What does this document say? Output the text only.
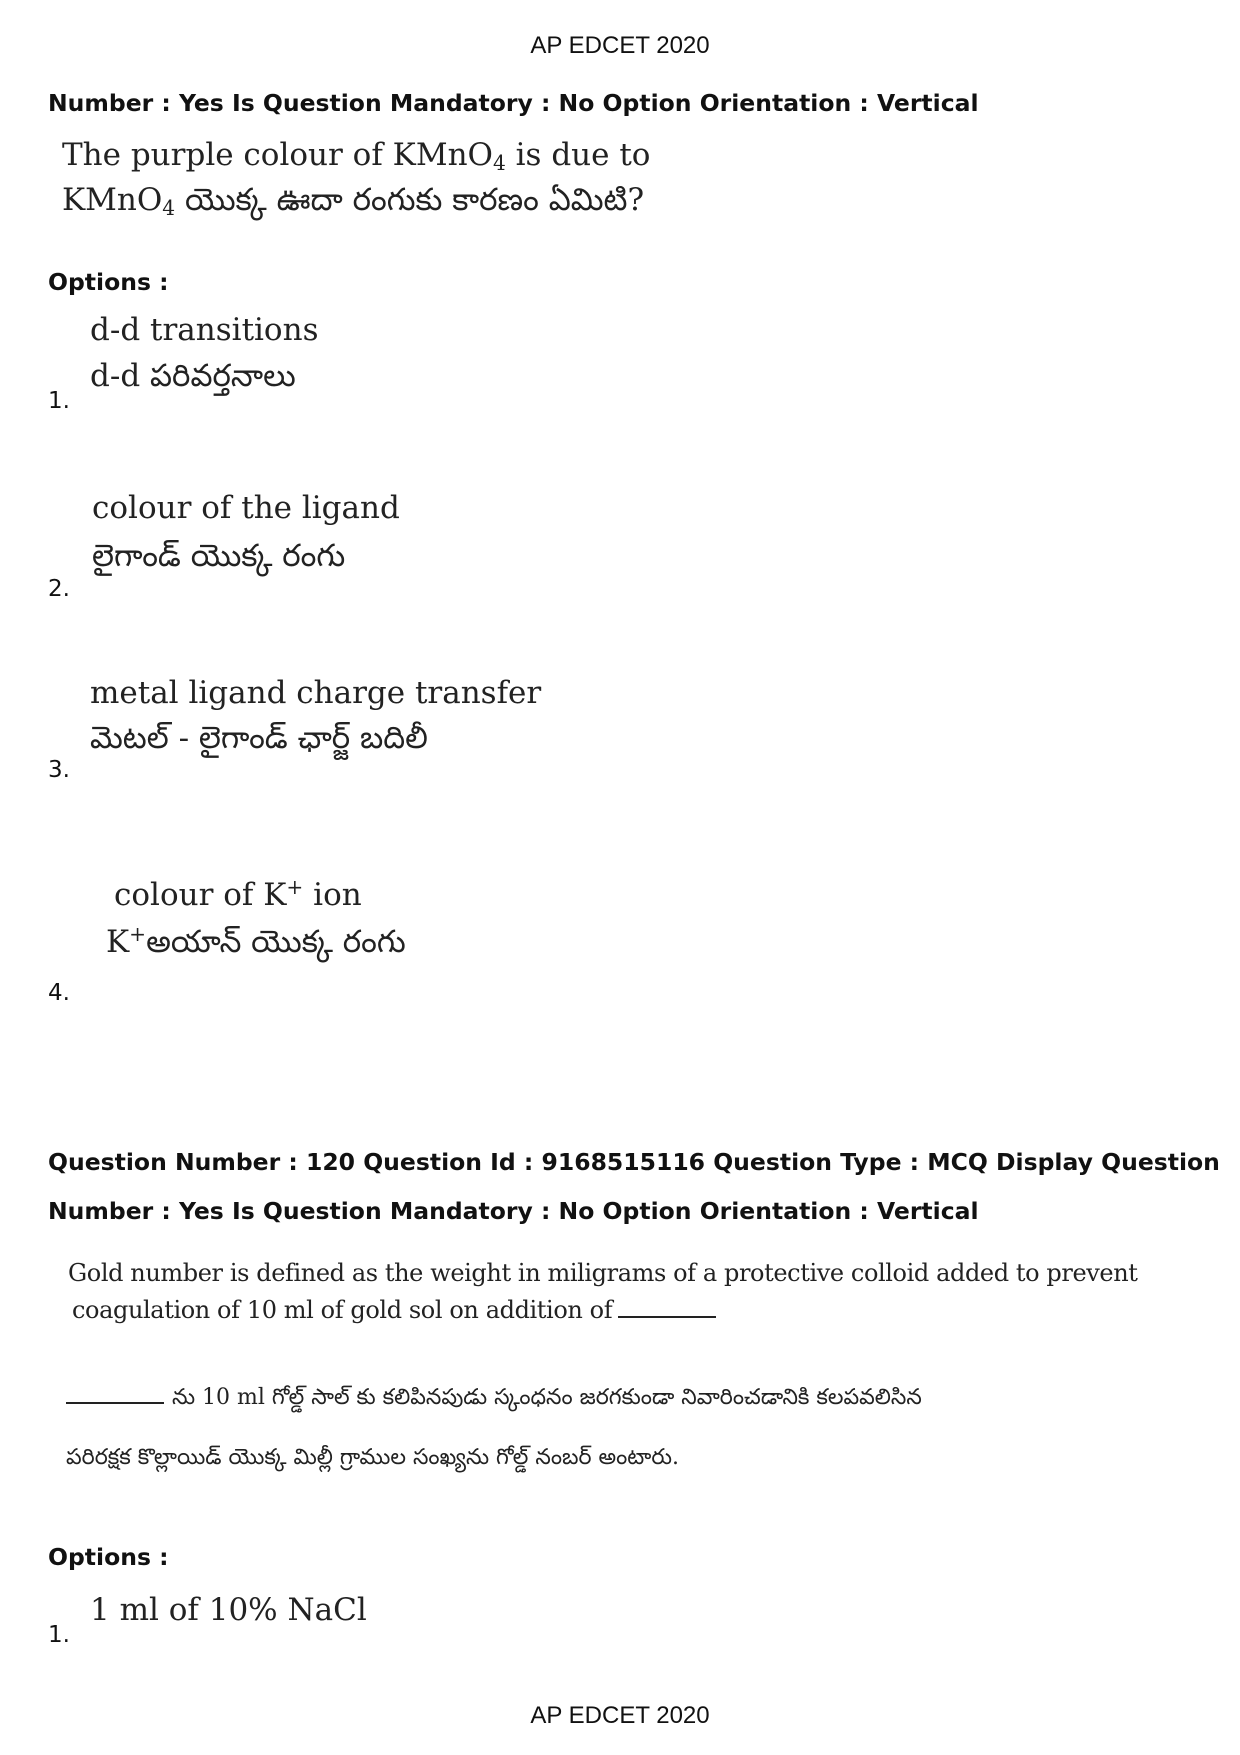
AP EDCET 2020
Number : Yes Is Question Mandatory : No Option Orientation : Vertical
The purple colour of KMnO$_4$ is due to
KMnO$_4$ యొక్క ఊదా రంగుకు కారణం ఏమిటి?
Options :
d-d transitions
d-d పరివర్తనాలు
1.
colour of the ligand
లైగాండ్ యొక్క రంగు
2.
metal ligand charge transfer
మెటల్ - లైగాండ్ ఛార్జ్ బదిలీ
3.
colour of K+ ion
K+అయాన్ యొక్క రంగు
4.
Question Number : 120 Question Id : 9168515116 Question Type : MCQ Display Question
Number : Yes Is Question Mandatory : No Option Orientation : Vertical
Gold number is defined as the weight in miligrams of a protective colloid added to prevent
coagulation of 10 ml of gold sol on addition of
ను 10 ml గోల్డ్ సాల్ కు కలిపినపుడు స్కంధనం జరగకుండా నివారించడానికి కలపవలిసిన
పరిరక్షక కొల్లాయిడ్ యొక్క మిల్లీ గ్రాముల సంఖ్యను గోల్డ్ నంబర్ అంటారు.
Options :
1 ml of 10% NaCl
1.
AP EDCET 2020
